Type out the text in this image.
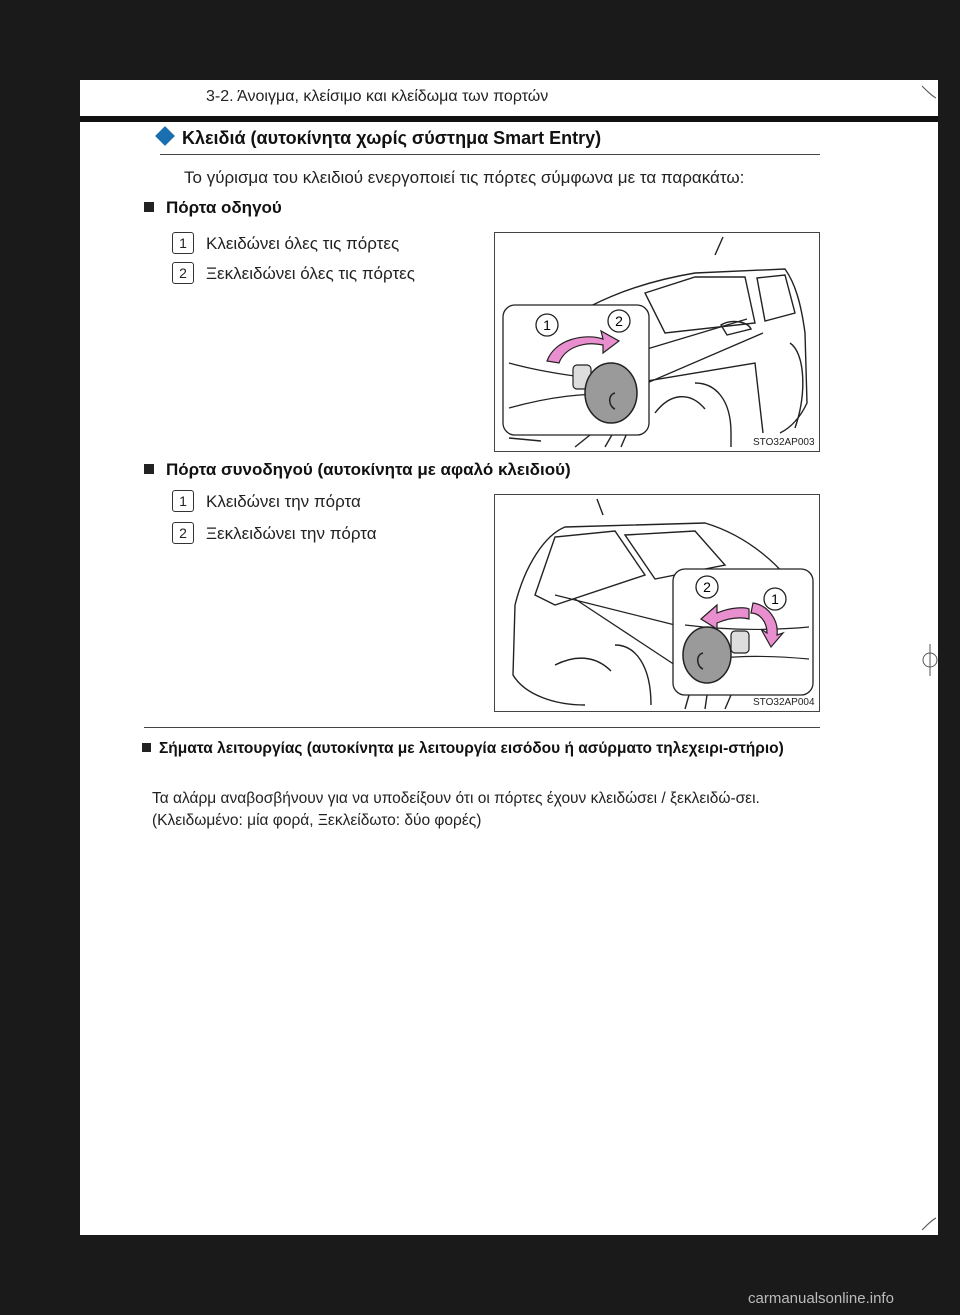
3-2. Άνοιγμα, κλείσιμο και κλείδωμα των πορτών
Κλειδιά (αυτοκίνητα χωρίς σύστημα Smart Entry)
Το γύρισμα του κλειδιού ενεργοποιεί τις πόρτες σύμφωνα με τα παρακάτω:
Πόρτα οδηγού
1 Κλειδώνει όλες τις πόρτες
2 Ξεκλειδώνει όλες τις πόρτες
1	2
STO32AP003
Πόρτα συνοδηγού (αυτοκίνητα με αφαλό κλειδιού)
1 Κλειδώνει την πόρτα
2 Ξεκλειδώνει την πόρτα
2
1
STO32AP004
Σήματα λειτουργίας (αυτοκίνητα με λειτουργία εισόδου ή ασύρματο τηλεχειρι-στήριο)
Τα αλάρμ αναβοσβήνουν για να υποδείξουν ότι οι πόρτες έχουν κλειδώσει / ξεκλειδώ-σει. (Κλειδωμένο: μία φορά, Ξεκλείδωτο: δύο φορές)
carmanualsonline.info
